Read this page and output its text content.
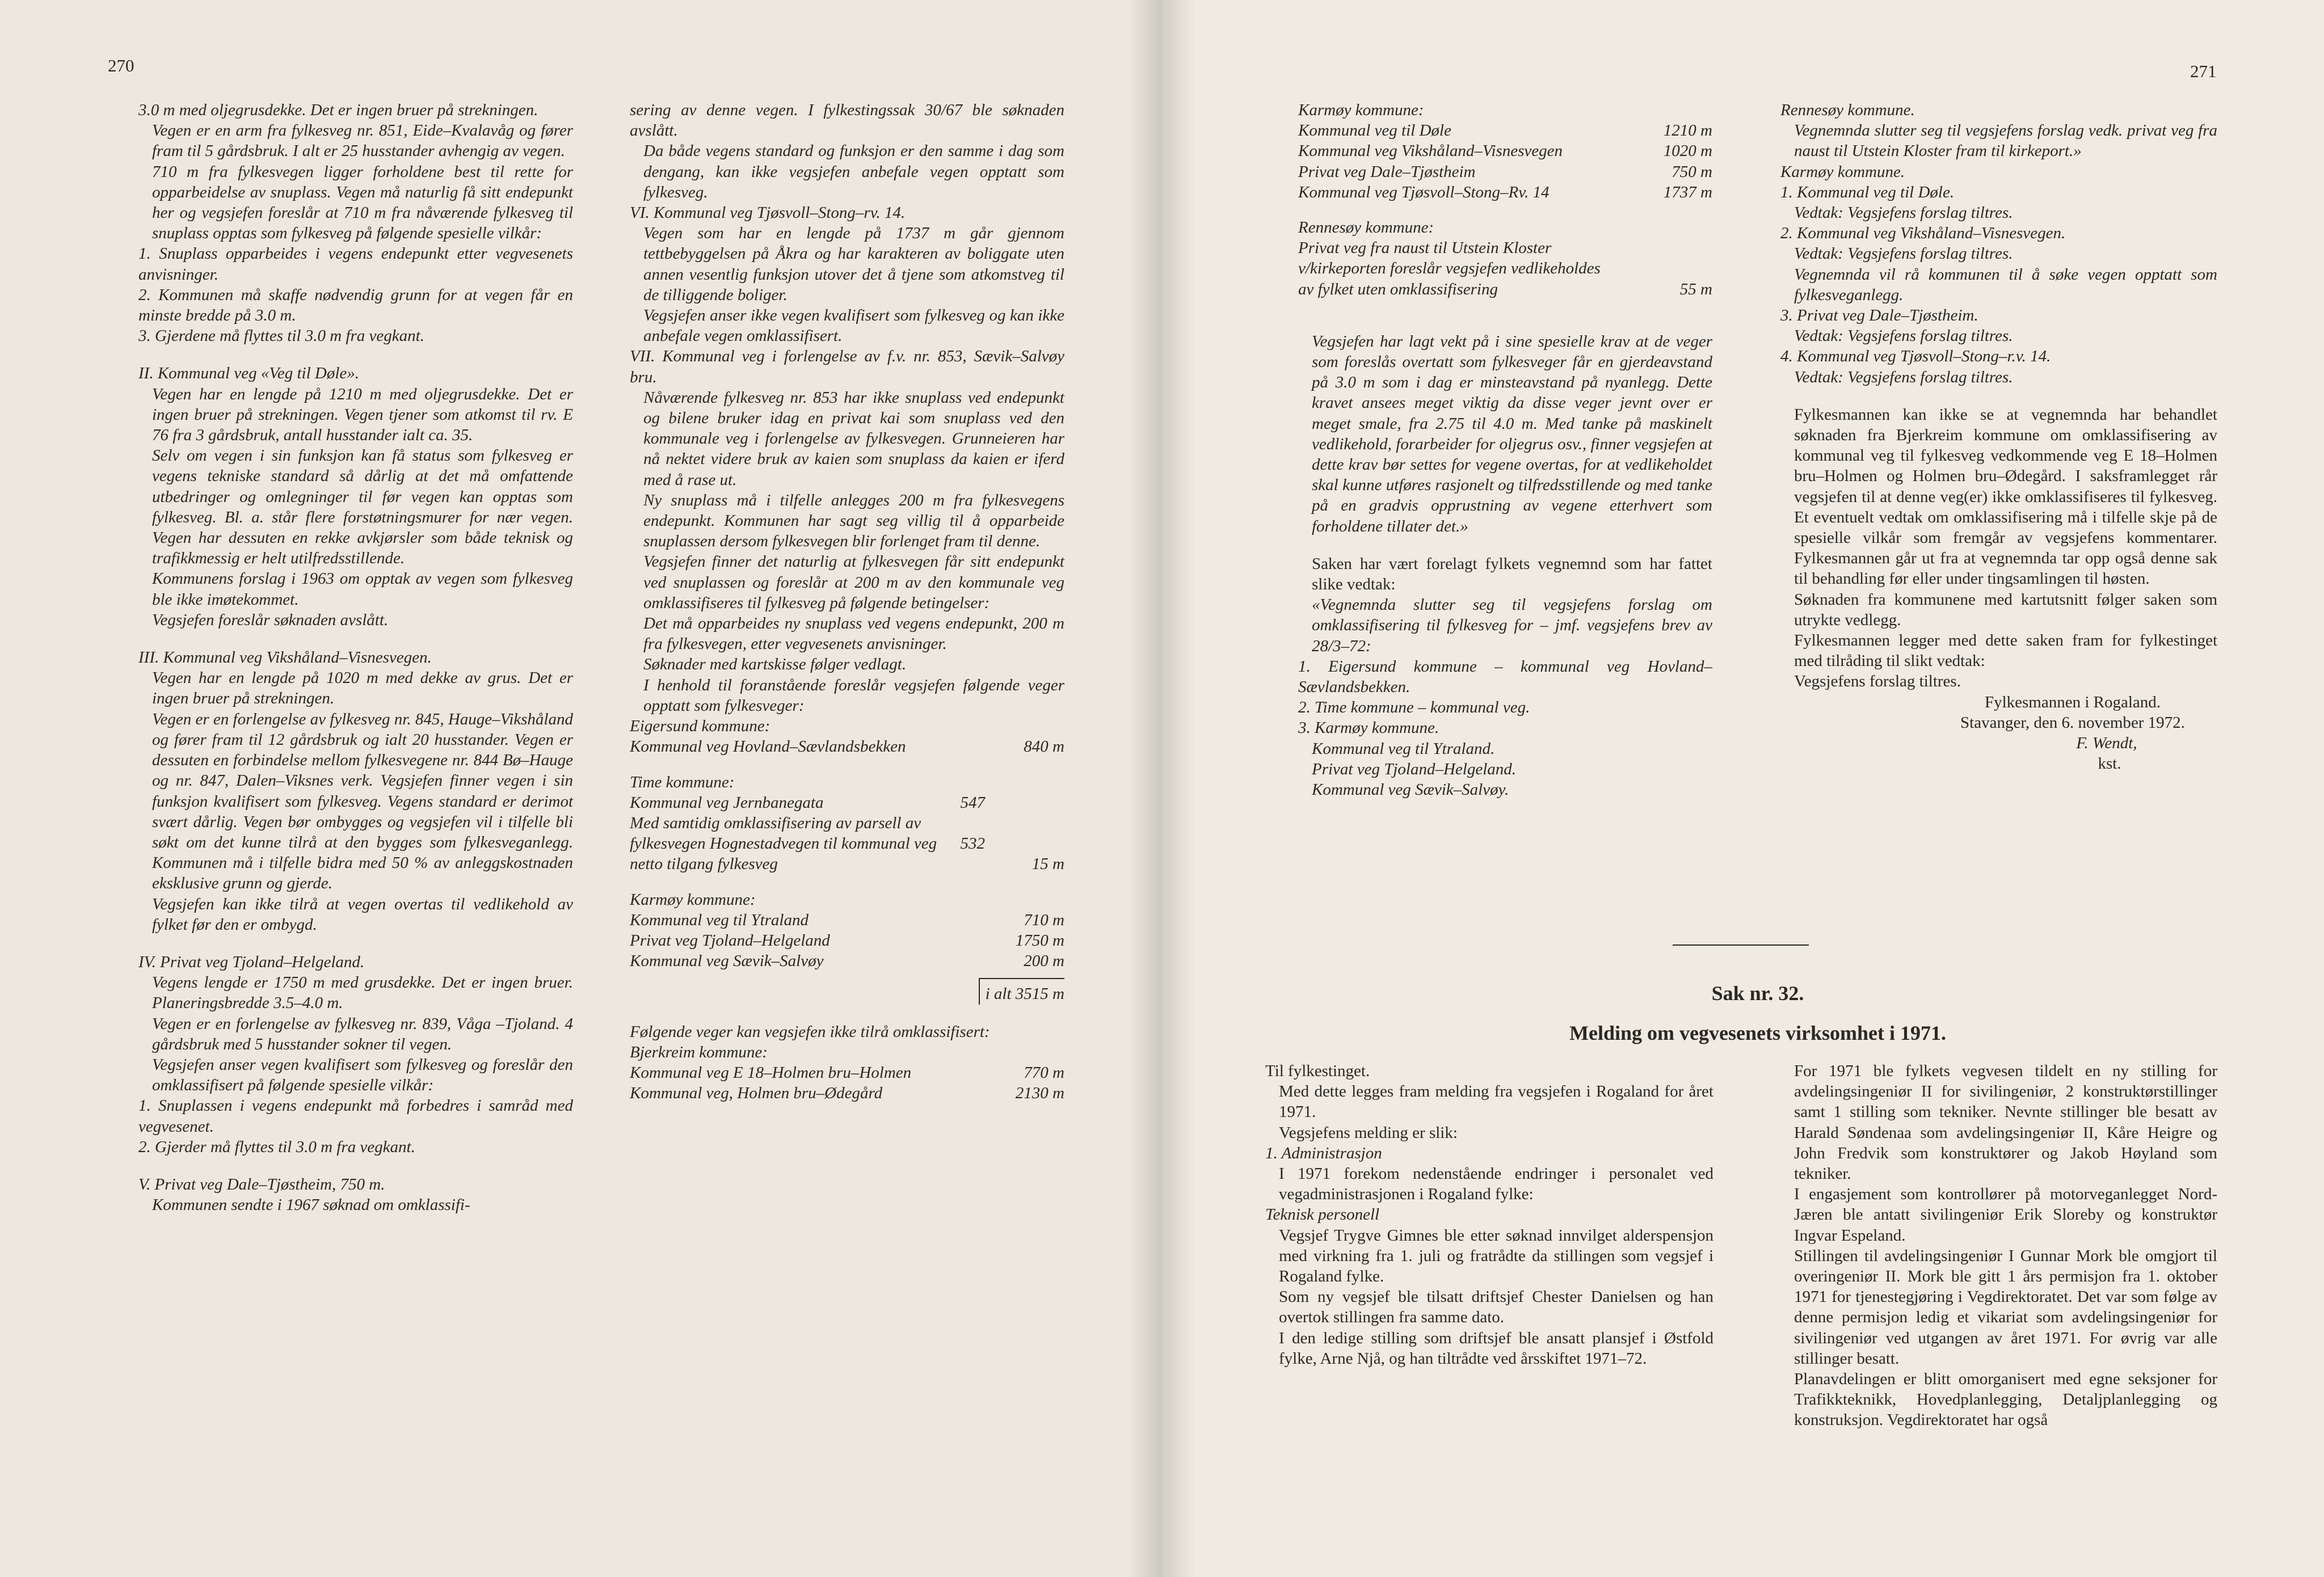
270

3.0 m med oljegrusdekke. Det er ingen bruer på strekningen.

Vegen er en arm fra fylkesveg nr. 851, Eide–Kvalavåg og fører fram til 5 gårdsbruk. I alt er 25 husstander avhengig av vegen.

710 m fra fylkesvegen ligger forholdene best til rette for opparbeidelse av snuplass. Vegen må naturlig få sitt endepunkt her og vegsjefen foreslår at 710 m fra nåværende fylkesveg til snuplass opptas som fylkesveg på følgende spesielle vilkår:

1. Snuplass opparbeides i vegens endepunkt etter vegvesenets anvisninger.

2. Kommunen må skaffe nødvendig grunn for at vegen får en minste bredde på 3.0 m.

3. Gjerdene må flyttes til 3.0 m fra vegkant.

II. Kommunal veg «Veg til Døle».

Vegen har en lengde på 1210 m med oljegrusdekke. Det er ingen bruer på strekningen. Vegen tjener som atkomst til rv. E 76 fra 3 gårdsbruk, antall husstander ialt ca. 35.

Selv om vegen i sin funksjon kan få status som fylkesveg er vegens tekniske standard så dårlig at det må omfattende utbedringer og omlegninger til før vegen kan opptas som fylkesveg. Bl. a. står flere forstøtningsmurer for nær vegen. Vegen har dessuten en rekke avkjørsler som både teknisk og trafikkmessig er helt utilfredsstillende.

Kommunens forslag i 1963 om opptak av vegen som fylkesveg ble ikke imøtekommet.

Vegsjefen foreslår søknaden avslått.

III. Kommunal veg Vikshåland–Visnesvegen.

Vegen har en lengde på 1020 m med dekke av grus. Det er ingen bruer på strekningen.

Vegen er en forlengelse av fylkesveg nr. 845, Hauge–Vikshåland og fører fram til 12 gårdsbruk og ialt 20 husstander. Vegen er dessuten en forbindelse mellom fylkesvegene nr. 844 Bø–Hauge og nr. 847, Dalen–Viksnes verk. Vegsjefen finner vegen i sin funksjon kvalifisert som fylkesveg. Vegens standard er derimot svært dårlig. Vegen bør ombygges og vegsjefen vil i tilfelle bli søkt om det kunne tilrå at den bygges som fylkesveganlegg. Kommunen må i tilfelle bidra med 50 % av anleggskostnaden eksklusive grunn og gjerde.

Vegsjefen kan ikke tilrå at vegen overtas til vedlikehold av fylket før den er ombygd.

IV. Privat veg Tjoland–Helgeland.

Vegens lengde er 1750 m med grusdekke. Det er ingen bruer. Planeringsbredde 3.5–4.0 m.

Vegen er en forlengelse av fylkesveg nr. 839, Våga –Tjoland. 4 gårdsbruk med 5 husstander sokner til vegen.

Vegsjefen anser vegen kvalifisert som fylkesveg og foreslår den omklassifisert på følgende spesielle vilkår:

1. Snuplassen i vegens endepunkt må forbedres i samråd med vegvesenet.

2. Gjerder må flyttes til 3.0 m fra vegkant.

V. Privat veg Dale–Tjøstheim, 750 m.

Kommunen sendte i 1967 søknad om omklassifi-

sering av denne vegen. I fylkestingssak 30/67 ble søknaden avslått.

Da både vegens standard og funksjon er den samme i dag som dengang, kan ikke vegsjefen anbefale vegen opptatt som fylkesveg.

VI. Kommunal veg Tjøsvoll–Stong–rv. 14.

Vegen som har en lengde på 1737 m går gjennom tettbebyggelsen på Åkra og har karakteren av boliggate uten annen vesentlig funksjon utover det å tjene som atkomstveg til de tilliggende boliger.

Vegsjefen anser ikke vegen kvalifisert som fylkesveg og kan ikke anbefale vegen omklassifisert.

VII. Kommunal veg i forlengelse av f.v. nr. 853, Sævik–Salvøy bru.

Nåværende fylkesveg nr. 853 har ikke snuplass ved endepunkt og bilene bruker idag en privat kai som snuplass ved den kommunale veg i forlengelse av fylkesvegen. Grunneieren har nå nektet videre bruk av kaien som snuplass da kaien er iferd med å rase ut.

Ny snuplass må i tilfelle anlegges 200 m fra fylkesvegens endepunkt. Kommunen har sagt seg villig til å opparbeide snuplassen dersom fylkesvegen blir forlenget fram til denne.

Vegsjefen finner det naturlig at fylkesvegen får sitt endepunkt ved snuplassen og foreslår at 200 m av den kommunale veg omklassifiseres til fylkesveg på følgende betingelser:

Det må opparbeides ny snuplass ved vegens endepunkt, 200 m fra fylkesvegen, etter vegvesenets anvisninger.

Søknader med kartskisse følger vedlagt.

I henhold til foranstående foreslår vegsjefen følgende veger opptatt som fylkesveger:

Eigersund kommune:

Kommunal veg Hovland–Sævlandsbekken	840 m

Time kommune:

Kommunal veg Jernbanegata	547
Med samtidig omklassifisering av parsell av fylkesvegen Hognestadvegen til kommunal veg	532
netto tilgang fylkesveg	15 m

Karmøy kommune:

Kommunal veg til Ytraland	710 m
Privat veg Tjoland–Helgeland	1750 m
Kommunal veg Sævik–Salvøy	200 m
i alt 3515 m

Følgende veger kan vegsjefen ikke tilrå omklassifisert:

Bjerkreim kommune:

Kommunal veg E 18–Holmen bru–Holmen	770 m
Kommunal veg, Holmen bru–Ødegård	2130 m
271

Karmøy kommune:

Kommunal veg til Døle	1210 m
Kommunal veg Vikshåland–Visnesvegen	1020 m
Privat veg Dale–Tjøstheim	750 m
Kommunal veg Tjøsvoll–Stong–Rv. 14	1737 m

Rennesøy kommune:

Privat veg fra naust til Utstein Kloster v/kirkeporten foreslår vegsjefen vedlikeholdes av fylket uten omklassifisering	55 m

Vegsjefen har lagt vekt på i sine spesielle krav at de veger som foreslås overtatt som fylkesveger får en gjerdeavstand på 3.0 m som i dag er minsteavstand på nyanlegg. Dette kravet ansees meget viktig da disse veger jevnt over er meget smale, fra 2.75 til 4.0 m. Med tanke på maskinelt vedlikehold, forarbeider for oljegrus osv., finner vegsjefen at dette krav bør settes for vegene overtas, for at vedlikeholdet skal kunne utføres rasjonelt og tilfredsstillende og med tanke på en gradvis opprustning av vegene etterhvert som forholdene tillater det.»

Saken har vært forelagt fylkets vegnemnd som har fattet slike vedtak:

«Vegnemnda slutter seg til vegsjefens forslag om omklassifisering til fylkesveg for – jmf. vegsjefens brev av 28/3–72:

1. Eigersund kommune – kommunal veg Hovland–Sævlandsbekken.

2. Time kommune – kommunal veg.

3. Karmøy kommune.

Kommunal veg til Ytraland.

Privat veg Tjoland–Helgeland.

Kommunal veg Sævik–Salvøy.

Rennesøy kommune.

Vegnemnda slutter seg til vegsjefens forslag vedk. privat veg fra naust til Utstein Kloster fram til kirkeport.»

Karmøy kommune.

1. Kommunal veg til Døle.

Vedtak: Vegsjefens forslag tiltres.

2. Kommunal veg Vikshåland–Visnesvegen.

Vedtak: Vegsjefens forslag tiltres.

Vegnemnda vil rå kommunen til å søke vegen opptatt som fylkesveganlegg.

3. Privat veg Dale–Tjøstheim.

Vedtak: Vegsjefens forslag tiltres.

4. Kommunal veg Tjøsvoll–Stong–r.v. 14.

Vedtak: Vegsjefens forslag tiltres.

Fylkesmannen kan ikke se at vegnemnda har behandlet søknaden fra Bjerkreim kommune om omklassifisering av kommunal veg til fylkesveg vedkommende veg E 18–Holmen bru–Holmen og Holmen bru–Ødegård. I saksframlegget rår vegsjefen til at denne veg(er) ikke omklassifiseres til fylkesveg. Et eventuelt vedtak om omklassifisering må i tilfelle skje på de spesielle vilkår som fremgår av vegsjefens kommentarer. Fylkesmannen går ut fra at vegnemnda tar opp også denne sak til behandling før eller under tingsamlingen til høsten.

Søknaden fra kommunene med kartutsnitt følger saken som utrykte vedlegg.

Fylkesmannen legger med dette saken fram for fylkestinget med tilråding til slikt vedtak:

Vegsjefens forslag tiltres.

Fylkesmannen i Rogaland.
Stavanger, den 6. november 1972.
F. Wendt,
kst.
Sak nr. 32.
Melding om vegvesenets virksomhet i 1971.

Til fylkestinget.

Med dette legges fram melding fra vegsjefen i Rogaland for året 1971.

Vegsjefens melding er slik:

1. Administrasjon

I 1971 forekom nedenstående endringer i personalet ved vegadministrasjonen i Rogaland fylke:

Teknisk personell

Vegsjef Trygve Gimnes ble etter søknad innvilget alderspensjon med virkning fra 1. juli og fratrådte da stillingen som vegsjef i Rogaland fylke.

Som ny vegsjef ble tilsatt driftsjef Chester Danielsen og han overtok stillingen fra samme dato.

I den ledige stilling som driftsjef ble ansatt plansjef i Østfold fylke, Arne Njå, og han tiltrådte ved årsskiftet 1971–72.

For 1971 ble fylkets vegvesen tildelt en ny stilling for avdelingsingeniør II for sivilingeniør, 2 konstruktørstillinger samt 1 stilling som tekniker. Nevnte stillinger ble besatt av Harald Søndenaa som avdelingsingeniør II, Kåre Heigre og John Fredvik som konstruktører og Jakob Høyland som tekniker.

I engasjement som kontrollører på motorveganlegget Nord-Jæren ble antatt sivilingeniør Erik Sloreby og konstruktør Ingvar Espeland.

Stillingen til avdelingsingeniør I Gunnar Mork ble omgjort til overingeniør II. Mork ble gitt 1 års permisjon fra 1. oktober 1971 for tjenestegjøring i Vegdirektoratet. Det var som følge av denne permisjon ledig et vikariat som avdelingsingeniør for sivilingeniør ved utgangen av året 1971. For øvrig var alle stillinger besatt.

Planavdelingen er blitt omorganisert med egne seksjoner for Trafikkteknikk, Hovedplanlegging, Detaljplanlegging og konstruksjon. Vegdirektoratet har også
